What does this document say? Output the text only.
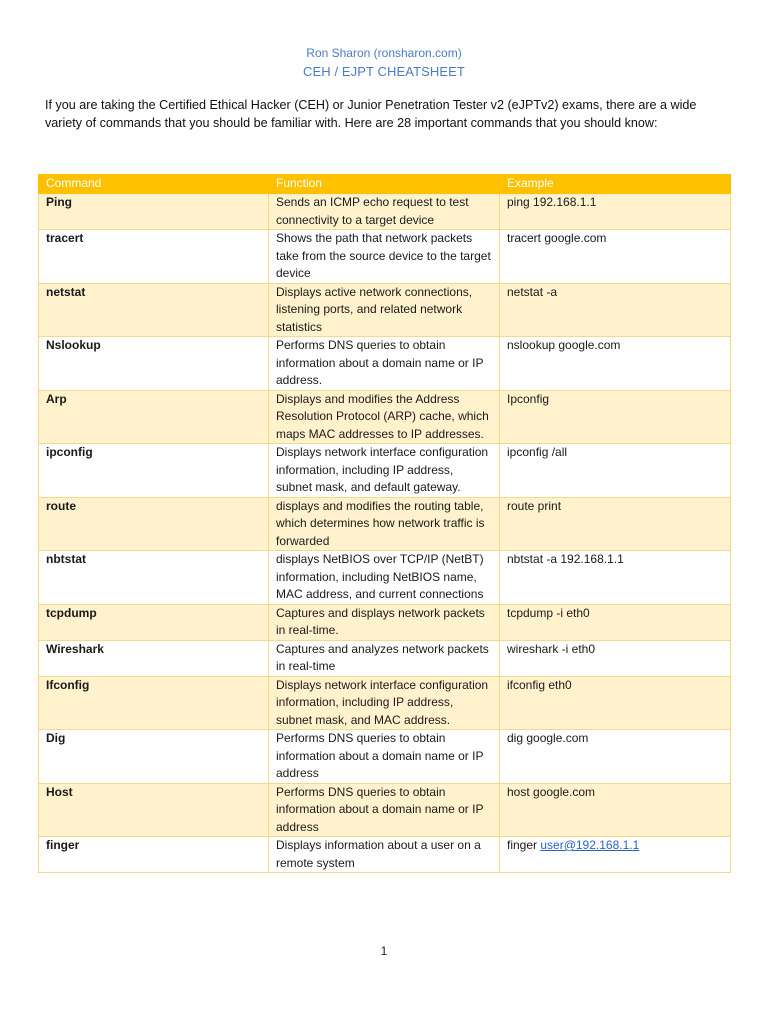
Ron Sharon (ronsharon.com)
CEH / EJPT CHEATSHEET

If you are taking the Certified Ethical Hacker (CEH) or Junior Penetration Tester v2 (eJPTv2) exams, there are a wide variety of commands that you should be familiar with. Here are 28 important commands that you should know:

Command	Function	Example
Ping	Sends an ICMP echo request to test connectivity to a target device	ping 192.168.1.1
tracert	Shows the path that network packets take from the source device to the target device	tracert google.com
netstat	Displays active network connections, listening ports, and related network statistics	netstat -a
Nslookup	Performs DNS queries to obtain information about a domain name or IP address.	nslookup google.com
Arp	Displays and modifies the Address Resolution Protocol (ARP) cache, which maps MAC addresses to IP addresses.	Ipconfig
ipconfig	Displays network interface configuration information, including IP address, subnet mask, and default gateway.	ipconfig /all
route	displays and modifies the routing table, which determines how network traffic is forwarded	route print
nbtstat	displays NetBIOS over TCP/IP (NetBT) information, including NetBIOS name, MAC address, and current connections	nbtstat -a 192.168.1.1
tcpdump	Captures and displays network packets in real-time.	tcpdump -i eth0
Wireshark	Captures and analyzes network packets in real-time	wireshark -i eth0
Ifconfig	Displays network interface configuration information, including IP address, subnet mask, and MAC address.	ifconfig eth0
Dig	Performs DNS queries to obtain information about a domain name or IP address	dig google.com
Host	Performs DNS queries to obtain information about a domain name or IP address	host google.com
finger	Displays information about a user on a remote system	finger user@192.168.1.1
1
